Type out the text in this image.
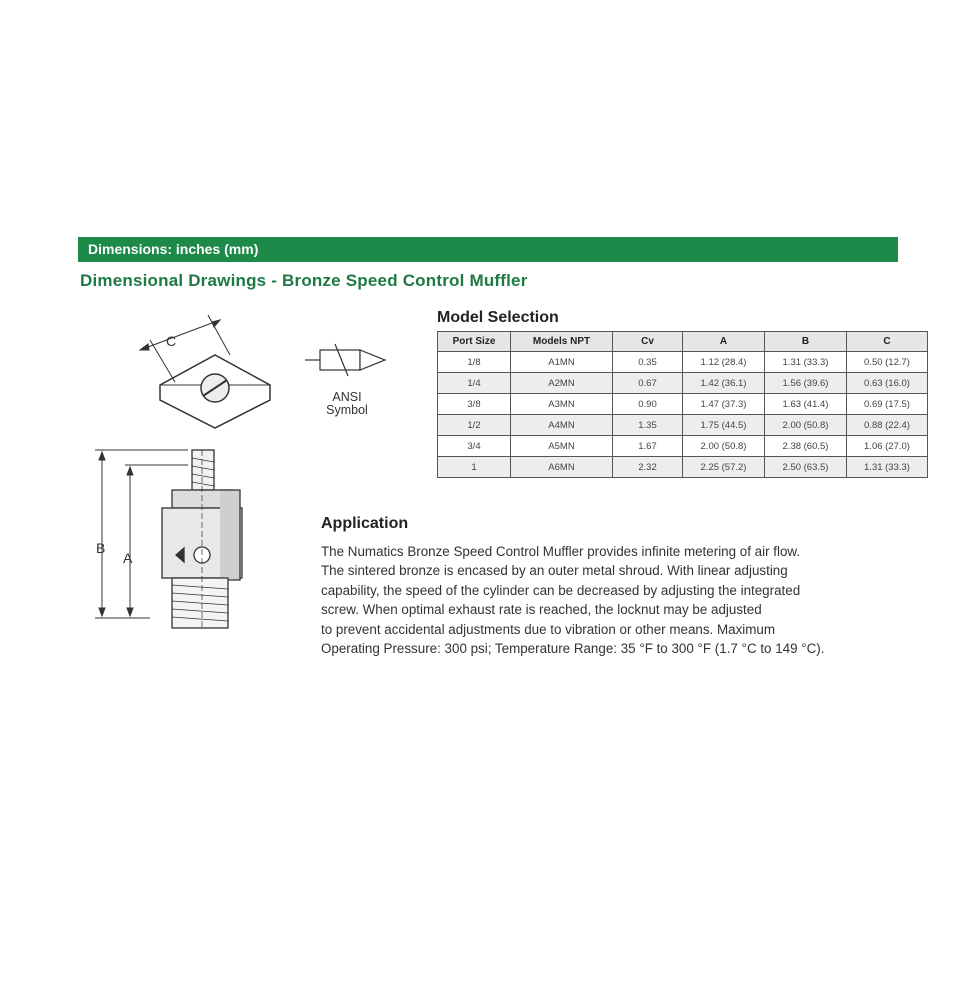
Dimensions: inches (mm)
Dimensional Drawings - Bronze Speed Control Muffler
C
B
A
ANSI
Symbol
Model Selection
Port Size	Models NPT	Cv	A	B	C
1/8	A1MN	0.35	1.12 (28.4)	1.31 (33.3)	0.50 (12.7)
1/4	A2MN	0.67	1.42 (36.1)	1.56 (39.6)	0.63 (16.0)
3/8	A3MN	0.90	1.47 (37.3)	1.63 (41.4)	0.69 (17.5)
1/2	A4MN	1.35	1.75 (44.5)	2.00 (50.8)	0.88 (22.4)
3/4	A5MN	1.67	2.00 (50.8)	2.38 (60.5)	1.06 (27.0)
1	A6MN	2.32	2.25 (57.2)	2.50 (63.5)	1.31 (33.3)
Application
The Numatics Bronze Speed Control Muffler provides infinite metering of air flow.
The sintered bronze is encased by an outer metal shroud. With linear adjusting
capability, the speed of the cylinder can be decreased by adjusting the integrated
screw. When optimal exhaust rate is reached, the locknut may be adjusted
to prevent accidental adjustments due to vibration or other means. Maximum
Operating Pressure: 300 psi; Temperature Range: 35 °F to 300 °F (1.7 °C to 149 °C).
